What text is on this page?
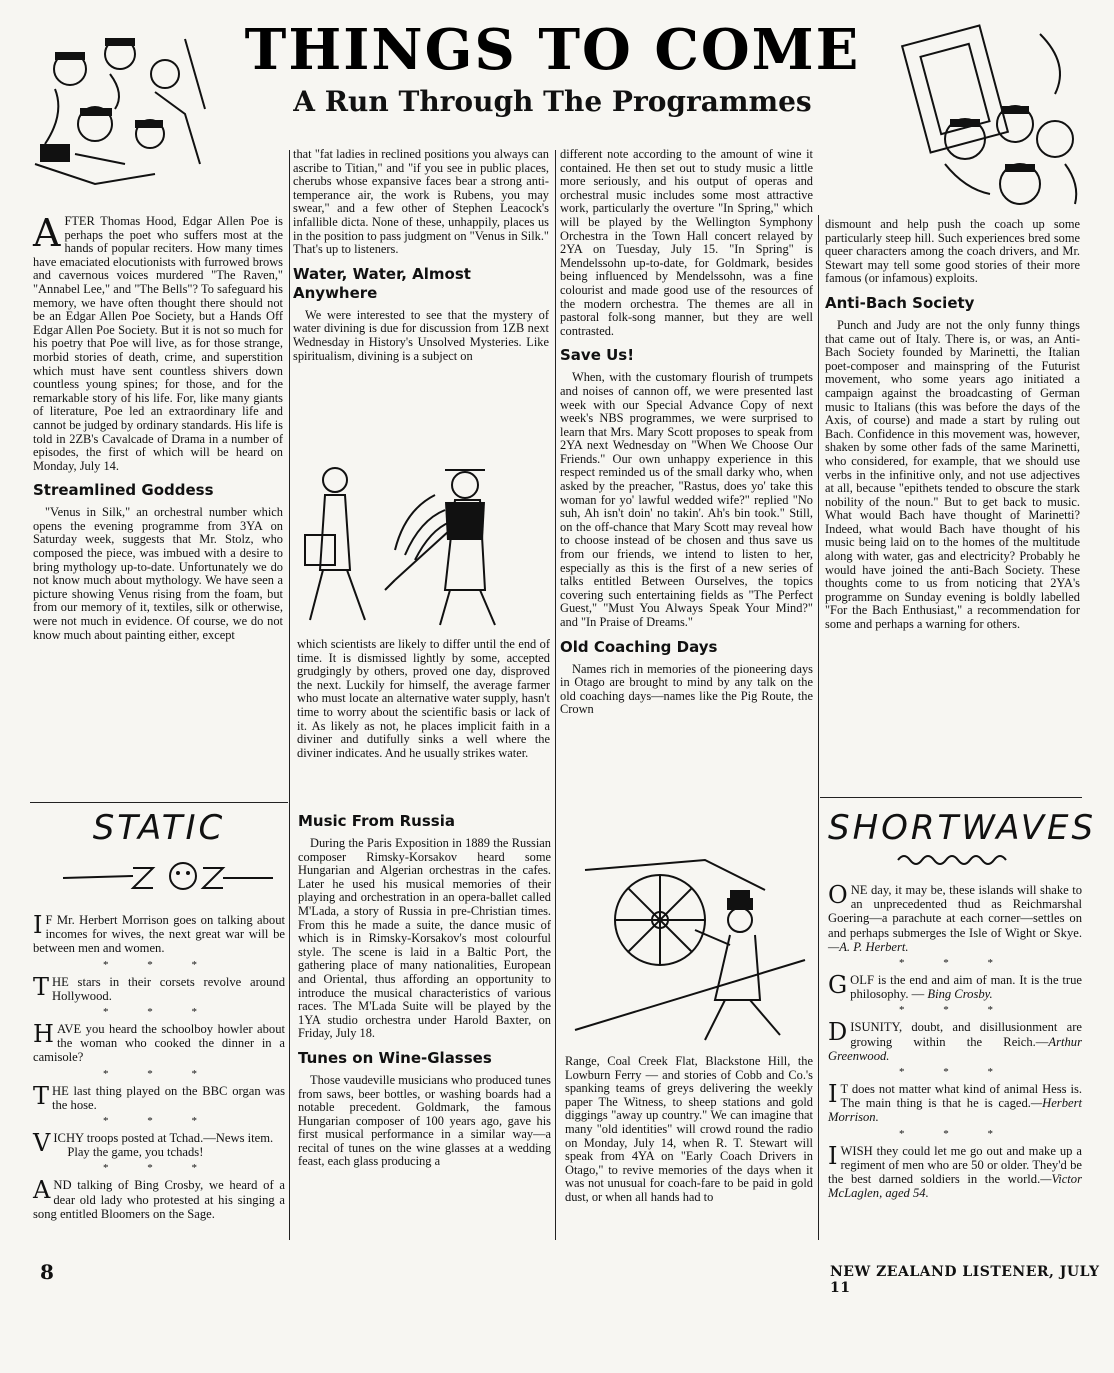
THINGS TO COME
A Run Through The Programmes

AFTER Thomas Hood, Edgar Allen Poe is perhaps the poet who suffers most at the hands of popular reciters. How many times have emaciated elocutionists with furrowed brows and cavernous voices murdered "The Raven," "Annabel Lee," and "The Bells"? To safeguard his memory, we have often thought there should not be an Edgar Allen Poe Society, but a Hands Off Edgar Allen Poe Society. But it is not so much for his poetry that Poe will live, as for those strange, morbid stories of death, crime, and superstition which must have sent countless shivers down countless young spines; for those, and for the remarkable story of his life. For, like many giants of literature, Poe led an extraordinary life and cannot be judged by ordinary standards. His life is told in 2ZB's Cavalcade of Drama in a number of episodes, the first of which will be heard on Monday, July 14.

Streamlined Goddess

"Venus in Silk," an orchestral number which opens the evening programme from 3YA on Saturday week, suggests that Mr. Stolz, who composed the piece, was imbued with a desire to bring mythology up-to-date. Unfortunately we do not know much about mythology. We have seen a picture showing Venus rising from the foam, but from our memory of it, textiles, silk or otherwise, were not much in evidence. Of course, we do not know much about painting either, except

that "fat ladies in reclined positions you always can ascribe to Titian," and "if you see in public places, cherubs whose expansive faces bear a strong anti-temperance air, the work is Rubens, you may swear," and a few other of Stephen Leacock's infallible dicta. None of these, unhappily, places us in the position to pass judgment on "Venus in Silk." That's up to listeners.

Water, Water, Almost Anywhere

We were interested to see that the mystery of water divining is due for discussion from 1ZB next Wednesday in History's Unsolved Mysteries. Like spiritualism, divining is a subject on

which scientists are likely to differ until the end of time. It is dismissed lightly by some, accepted grudgingly by others, proved one day, disproved the next. Luckily for himself, the average farmer who must locate an alternative water supply, hasn't time to worry about the scientific basis or lack of it. As likely as not, he places implicit faith in a diviner and dutifully sinks a well where the diviner indicates. And he usually strikes water.

different note according to the amount of wine it contained. He then set out to study music a little more seriously, and his output of operas and orchestral music includes some most attractive work, particularly the overture "In Spring," which will be played by the Wellington Symphony Orchestra in the Town Hall concert relayed by 2YA on Tuesday, July 15. "In Spring" is Mendelssohn up-to-date, for Goldmark, besides being influenced by Mendelssohn, was a fine colourist and made good use of the resources of the modern orchestra. The themes are all in pastoral folk-song manner, but they are well contrasted.

Save Us!

When, with the customary flourish of trumpets and noises of cannon off, we were presented last week with our Special Advance Copy of next week's NBS programmes, we were surprised to learn that Mrs. Mary Scott proposes to speak from 2YA next Wednesday on "When We Choose Our Friends." Our own unhappy experience in this respect reminded us of the small darky who, when asked by the preacher, "Rastus, does yo' take this woman for yo' lawful wedded wife?" replied "No suh, Ah isn't doin' no takin'. Ah's bin took." Still, on the off-chance that Mary Scott may reveal how to choose instead of be chosen and thus save us from our friends, we intend to listen to her, especially as this is the first of a new series of talks entitled Between Ourselves, the topics covering such entertaining fields as "The Perfect Guest," "Must You Always Speak Your Mind?" and "In Praise of Dreams."

Old Coaching Days

Names rich in memories of the pioneering days in Otago are brought to mind by any talk on the old coaching days—names like the Pig Route, the Crown

Range, Coal Creek Flat, Blackstone Hill, the Lowburn Ferry — and stories of Cobb and Co.'s spanking teams of greys delivering the weekly paper The Witness, to sheep stations and gold diggings "away up country." We can imagine that many "old identities" will crowd round the radio on Monday, July 14, when R. T. Stewart will speak from 4YA on "Early Coach Drivers in Otago," to revive memories of the days when it was not unusual for coach-fare to be paid in gold dust, or when all hands had to

dismount and help push the coach up some particularly steep hill. Such experiences bred some queer characters among the coach drivers, and Mr. Stewart may tell some good stories of their more famous (or infamous) exploits.

Anti-Bach Society

Punch and Judy are not the only funny things that came out of Italy. There is, or was, an Anti-Bach Society founded by Marinetti, the Italian poet-composer and mainspring of the Futurist movement, who some years ago initiated a campaign against the broadcasting of German music to Italians (this was before the days of the Axis, of course) and made a start by ruling out Bach. Confidence in this movement was, however, shaken by some other fads of the same Marinetti, who considered, for example, that we should use verbs in the infinitive only, and not use adjectives at all, because "epithets tended to obscure the stark nobility of the noun." But to get back to music. What would Bach have thought of Marinetti? Indeed, what would Bach have thought of his music being laid on to the homes of the multitude along with water, gas and electricity? Probably he would have joined the anti-Bach Society. These thoughts come to us from noticing that 2YA's programme on Sunday evening is boldly labelled "For the Bach Enthusiast," a recommendation for some and perhaps a warning for others.

Music From Russia

During the Paris Exposition in 1889 the Russian composer Rimsky-Korsakov heard some Hungarian and Algerian orchestras in the cafes. Later he used his musical memories of their playing and orchestration in an opera-ballet called M'Lada, a story of Russia in pre-Christian times. From this he made a suite, the dance music of which is in Rimsky-Korsakov's most colourful style. The scene is laid in a Baltic Port, the gathering place of many nationalities, European and Oriental, thus affording an opportunity to introduce the musical characteristics of various races. The M'Lada Suite will be played by the 1YA studio orchestra under Harold Baxter, on Friday, July 18.

Tunes on Wine-Glasses

Those vaudeville musicians who produced tunes from saws, beer bottles, or washing boards had a notable precedent. Goldmark, the famous Hungarian composer of 100 years ago, gave his first musical performance in a similar way—a recital of tunes on the wine glasses at a wedding feast, each glass producing a

STATIC
I F Mr. Herbert Morrison goes on talking about incomes for wives, the next great war will be between men and women.
* * *
THE stars in their corsets revolve around Hollywood.
* * *
HAVE you heard the schoolboy howler about the woman who cooked the dinner in a camisole?
* * *
THE last thing played on the BBC organ was the hose.
* * *
VICHY troops posted at Tchad.—News item.
Play the game, you tchads!
* * *
AND talking of Bing Crosby, we heard of a dear old lady who protested at his singing a song entitled Bloomers on the Sage.
SHORTWAVES
ONE day, it may be, these islands will shake to an unprecedented thud as Reichmarshal Goering—a parachute at each corner—settles on and perhaps submerges the Isle of Wight or Skye.—A. P. Herbert.
* * *
GOLF is the end and aim of man. It is the true philosophy. — Bing Crosby.
* * *
DISUNITY, doubt, and disillusionment are growing within the Reich.—Arthur Greenwood.
* * *
I T does not matter what kind of animal Hess is. The main thing is that he is caged.—Herbert Morrison.
* * *
I WISH they could let me go out and make up a regiment of men who are 50 or older. They'd be the best darned soldiers in the world.—Victor McLaglen, aged 54.
8	NEW ZEALAND LISTENER, JULY 11
